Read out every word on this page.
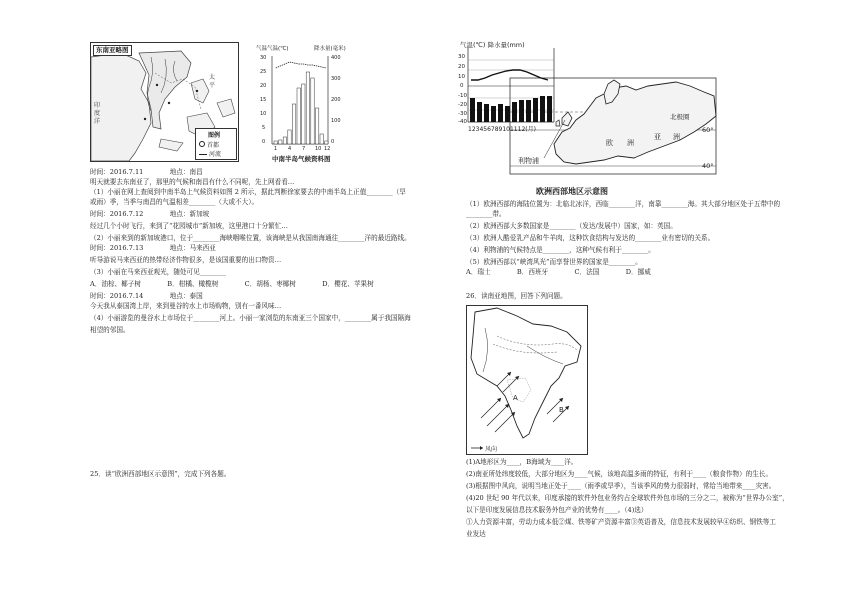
印
度
洋
太
平
东南亚略图
图例
首都
河流
气温气温(℃)	降水量(毫米)
30
25
20
15
10
5
0
400
300
200
100
0
1 4 7 10 12
中南半岛气候资料图
时间：2016.7.11　　　　地点：南昌
明天就要去东南亚了，那里的气候和南昌有什么不同呢，先上网看看…
（1）小丽在网上查阅到中南半岛上气候资料如图 2 所示，据此判断徐家要去的中南半岛上正值________（旱
或雨）季，当季与南昌的气温相差________（大或不大）。
时间：2016.7.12　　　　地点：新加坡
经过几个小时飞行，来到了“花园城市”新加坡，这里港口十分繁忙…
（2）小丽来到的新加坡港口，位于________海峡咽喉位置，该海峡是从我国南海通往________洋的最近路线。
时间：2016.7.13　　　　地点：马来西亚
听导游说马来西亚的热带经济作物很多，是该国重要的出口物资…
（3）小丽在马来西亚观光，随处可见________
A．油棕、椰子树　　　　B．柑橘、橄榄树　　　　C．胡杨、枣椰树　　　　D．樱花、苹果树
时间：2016.7.14　　　　地点：泰国
今天我从泰国湾上岸，来到曼谷的水上市场购物，别有一番风味…
（4）小丽游览的曼谷水上市场位于________河上。小丽一家浏览的东南亚三个国家中，________属于我国隔海
相望的邻国。
25．读“欧洲西部地区示意图”，完成下列各题。
气温(℃) 降水量(mm)
30
20
10
0
-10
-20
-30
-40
123456789101112(月)
利物浦
北极圈
60°
40°
欧洲
亚洲
欧洲西部地区示意图
（1）欧洲西部的海陆位置为：北临北冰洋，西临________洋，南靠________海。其大部分地区处于五带中的
________带。
（2）欧洲西部大多数国家是________（发达/发展中）国家，如：英国。
（3）欧洲人酷爱乳产品和牛羊肉，这种饮食结构与发达的________业有密切的关系。
（4）利物浦的气候特点是________，这种气候有利于________。
（5）欧洲西部以“峡湾风光”而享誉世界的国家是________。
A．瑞士　　　　B．西班牙　　　　C．法国　　　　D．挪威
26．读南亚地图，回答下列问题。
A
B
风向
(1)A地形区为____，B海域为____洋。
(2)南亚所处纬度较低，大部分地区为____气候，该地高温多雨的特征，有利于____（粮食作物）的生长。
(3)根据图中风向，说明当地正处于____（雨季或旱季），当该季风的势力很弱时，常给当地带来____灾害。
(4)20 世纪 90 年代以来，印度承接的软件外包业务约占全球软件外包市场的三分之二，被称为“世界办公室”，
以下是印度发展信息技术服务外包产业的优势有____。（4)选）
①人力资源丰富，劳动力成本低②煤、铁等矿产资源丰富③英语普及，信息技术发展较早④纺织、钢铁等工
业发达
